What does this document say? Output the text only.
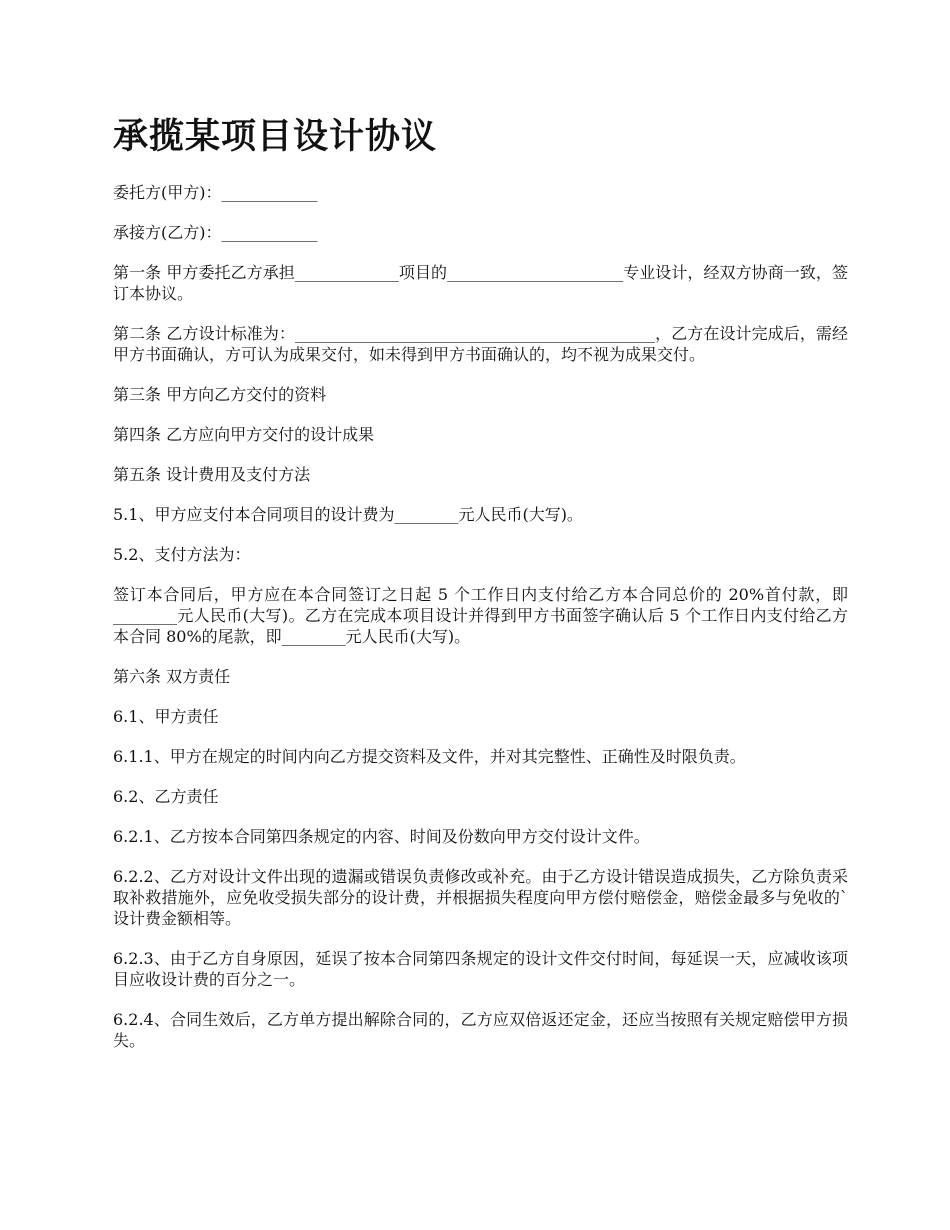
承揽某项目设计协议

委托方(甲方)：____________

承接方(乙方)：____________

第一条 甲方委托乙方承担_____________项目的______________________专业设计，经双方协商一致，签订本协议。

第二条 乙方设计标准为：_____________________________________________，乙方在设计完成后，需经甲方书面确认，方可认为成果交付，如未得到甲方书面确认的，均不视为成果交付。

第三条 甲方向乙方交付的资料

第四条 乙方应向甲方交付的设计成果

第五条 设计费用及支付方法

5.1、甲方应支付本合同项目的设计费为________元人民币(大写)。

5.2、支付方法为：

签订本合同后，甲方应在本合同签订之日起 5 个工作日内支付给乙方本合同总价的 20%首付款，即________元人民币(大写)。乙方在完成本项目设计并得到甲方书面签字确认后 5 个工作日内支付给乙方本合同 80%的尾款，即________元人民币(大写)。

第六条 双方责任

6.1、甲方责任

6.1.1、甲方在规定的时间内向乙方提交资料及文件，并对其完整性、正确性及时限负责。

6.2、乙方责任

6.2.1、乙方按本合同第四条规定的内容、时间及份数向甲方交付设计文件。

6.2.2、乙方对设计文件出现的遗漏或错误负责修改或补充。由于乙方设计错误造成损失，乙方除负责采取补救措施外，应免收受损失部分的设计费，并根据损失程度向甲方偿付赔偿金，赔偿金最多与免收的`设计费金额相等。

6.2.3、由于乙方自身原因，延误了按本合同第四条规定的设计文件交付时间，每延误一天，应减收该项目应收设计费的百分之一。

6.2.4、合同生效后，乙方单方提出解除合同的，乙方应双倍返还定金，还应当按照有关规定赔偿甲方损失。
